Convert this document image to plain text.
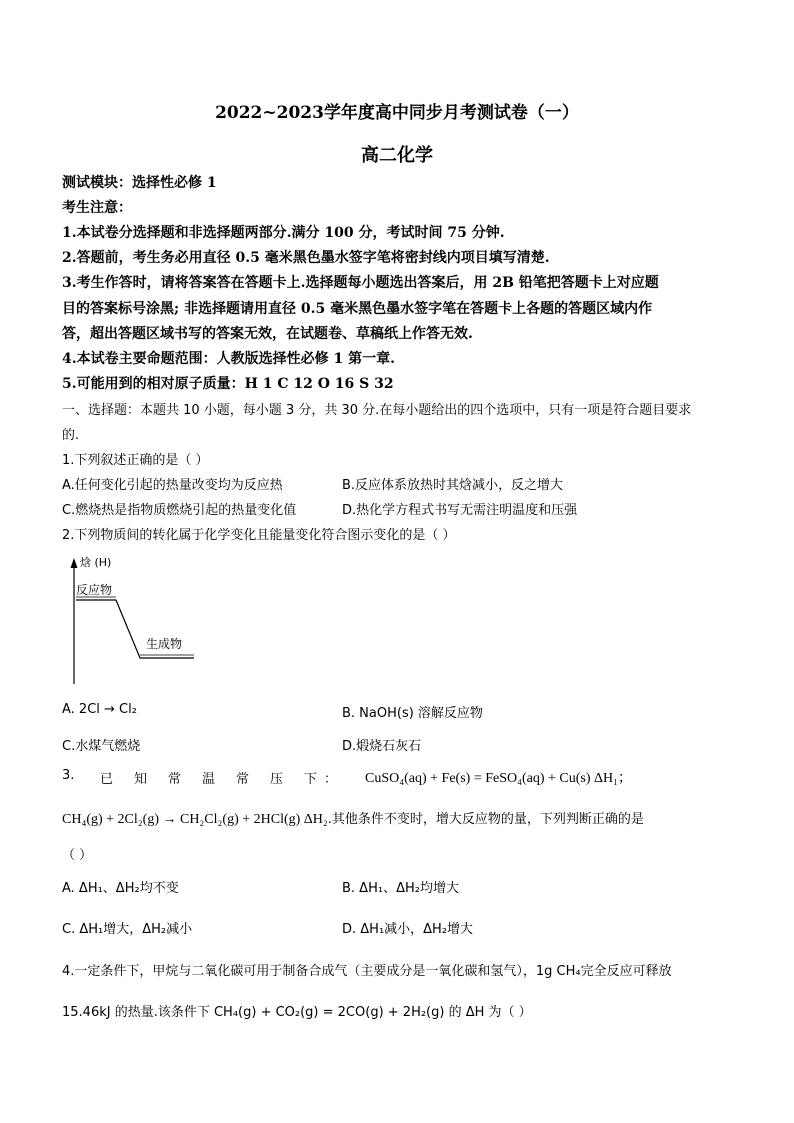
2022~2023学年度高中同步月考测试卷（一）
高二化学
测试模块：选择性必修 1
考生注意：
1.本试卷分选择题和非选择题两部分.满分 100 分，考试时间 75 分钟.
2.答题前，考生务必用直径 0.5 毫米黑色墨水签字笔将密封线内项目填写清楚.
3.考生作答时，请将答案答在答题卡上.选择题每小题选出答案后，用 2B 铅笔把答题卡上对应题
目的答案标号涂黑; 非选择题请用直径 0.5 毫米黑色墨水签字笔在答题卡上各题的答题区域内作
答，超出答题区域书写的答案无效，在试题卷、草稿纸上作答无效.
4.本试卷主要命题范围：人教版选择性必修 1 第一章.
5.可能用到的相对原子质量：H 1 C 12 O 16 S 32
一、选择题：本题共 10 小题，每小题 3 分，共 30 分.在每小题给出的四个选项中，只有一项是符合题目要求
的.
1.下列叙述正确的是（ ）
A.任何变化引起的热量改变均为反应热	B.反应体系放热时其焓减小，反之增大
C.燃烧热是指物质燃烧引起的热量变化值	D.热化学方程式书写无需注明温度和压强
2.下列物质间的转化属于化学变化且能量变化符合图示变化的是（ ）
焓 (H)
反应物
生成物
A. 2Cl → Cl₂	B. NaOH(s) 溶解反应物
C.水煤气燃烧	D.煅烧石灰石
3. 已 知 常 温 常 压 下 ： CuSO₄(aq) + Fe(s) = FeSO₄(aq) + Cu(s) ΔH₁；
CH₄(g) + 2Cl₂(g) → CH₂Cl₂(g) + 2HCl(g) ΔH₂.其他条件不变时，增大反应物的量，下列判断正确的是
（ ）
A. ΔH₁、ΔH₂均不变	B. ΔH₁、ΔH₂均增大
C. ΔH₁增大，ΔH₂减小	D. ΔH₁减小，ΔH₂增大
4.一定条件下，甲烷与二氧化碳可用于制备合成气（主要成分是一氧化碳和氢气），1g CH₄完全反应可释放
15.46kJ 的热量.该条件下 CH₄(g) + CO₂(g) = 2CO(g) + 2H₂(g) 的 ΔH 为（ ）
